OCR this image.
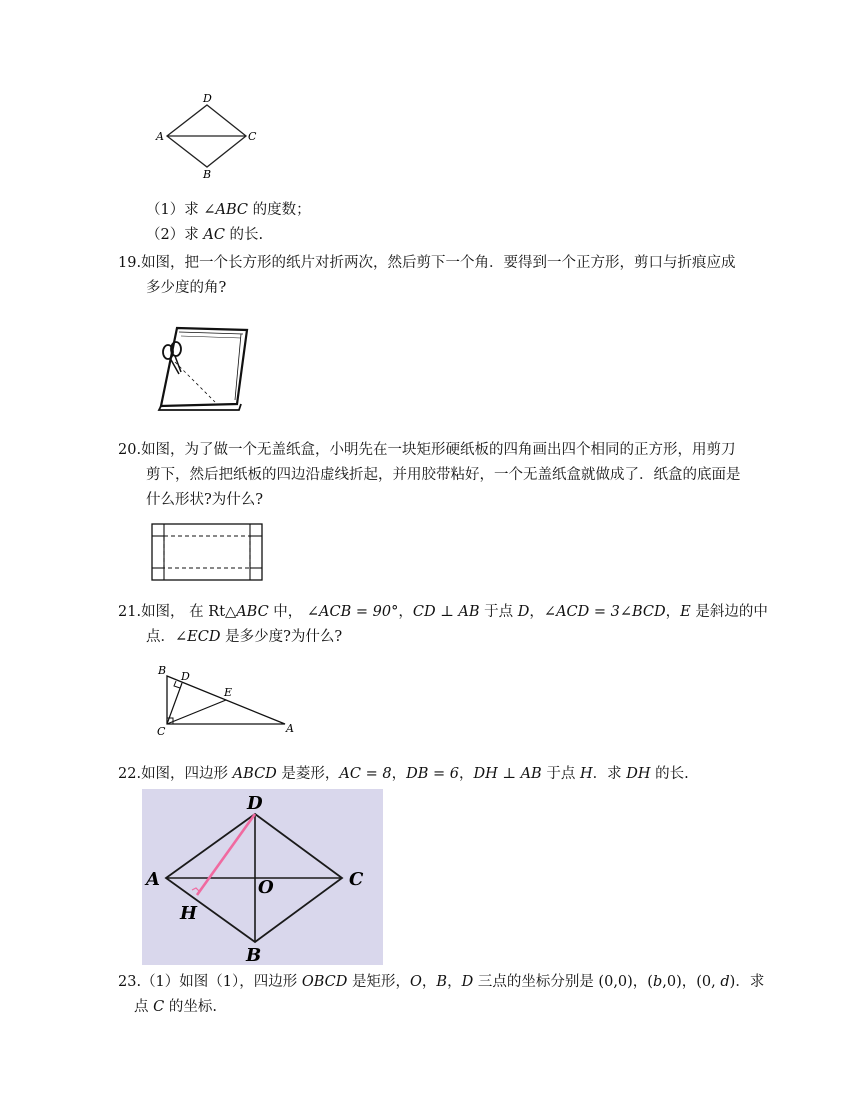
D
A	C
B
（1）求 ∠ABC 的度数；
（2）求 AC 的长.
19.如图，把一个长方形的纸片对折两次，然后剪下一个角．要得到一个正方形，剪口与折痕应成
多少度的角?
20.如图，为了做一个无盖纸盒，小明先在一块矩形硬纸板的四角画出四个相同的正方形，用剪刀
剪下，然后把纸板的四边沿虚线折起，并用胶带粘好，一个无盖纸盒就做成了．纸盒的底面是
什么形状?为什么?
21.如图， 在 Rt△ABC 中， ∠ACB = 90°，CD ⊥ AB 于点 D，∠ACD = 3∠BCD，E 是斜边的中
点．∠ECD 是多少度?为什么?
B D
E
C	A
22.如图，四边形 ABCD 是菱形，AC = 8，DB = 6，DH ⊥ AB 于点 H．求 DH 的长.
D
A	C
O
H
B
23.（1）如图（1），四边形 OBCD 是矩形，O，B，D 三点的坐标分别是 (0,0)，(b,0)，(0, d)．求
点 C 的坐标.
